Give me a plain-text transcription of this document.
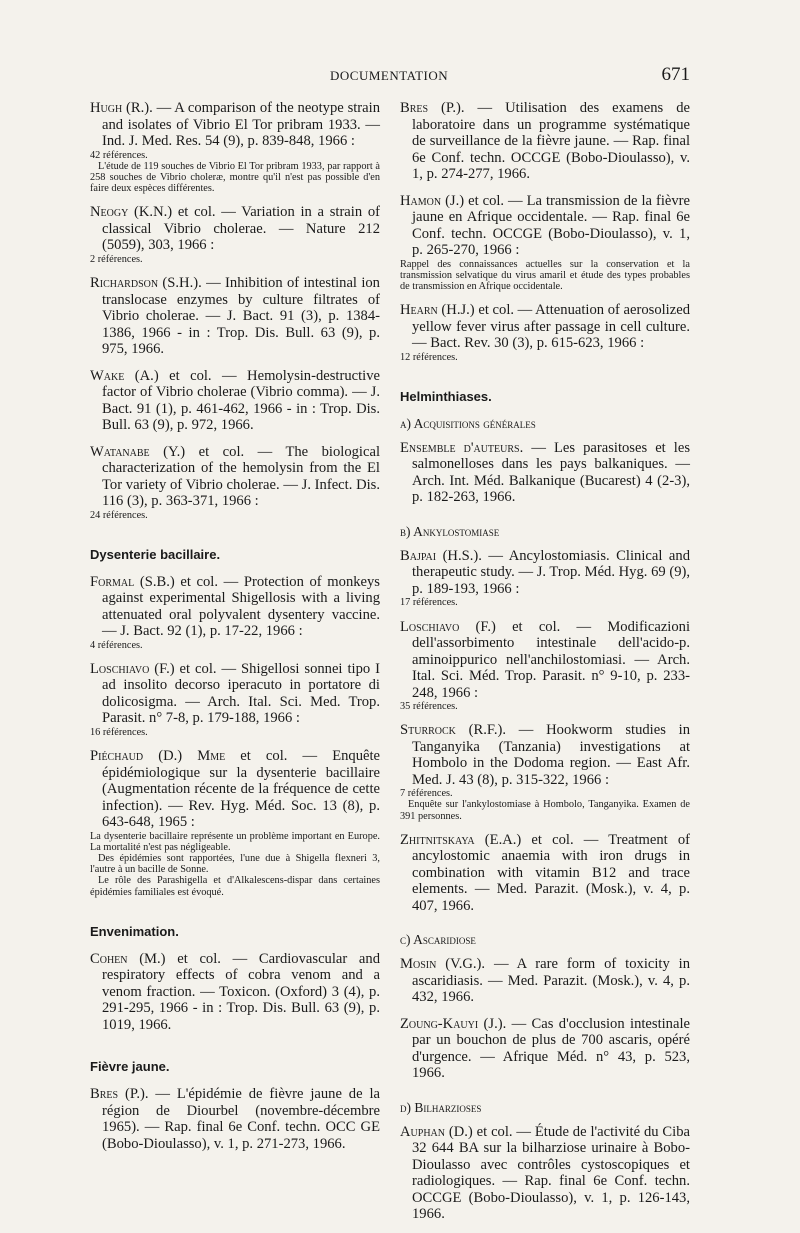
DOCUMENTATION	671

Hugh (R.). — A comparison of the neotype strain and isolates of Vibrio El Tor pribram 1933. — Ind. J. Med. Res. 54 (9), p. 839-848, 1966 :

42 références.

L'étude de 119 souches de Vibrio El Tor pribram 1933, par rapport à 258 souches de Vibrio choleræ, montre qu'il n'est pas possible d'en faire deux espèces différentes.

Neogy (K.N.) et col. — Variation in a strain of classical Vibrio cholerae. — Nature 212 (5059), 303, 1966 :

2 références.

Richardson (S.H.). — Inhibition of intestinal ion translocase enzymes by culture filtrates of Vibrio cholerae. — J. Bact. 91 (3), p. 1384-1386, 1966 - in : Trop. Dis. Bull. 63 (9), p. 975, 1966.

Wake (A.) et col. — Hemolysin-destructive factor of Vibrio cholerae (Vibrio comma). — J. Bact. 91 (1), p. 461-462, 1966 - in : Trop. Dis. Bull. 63 (9), p. 972, 1966.

Watanabe (Y.) et col. — The biological characterization of the hemolysin from the El Tor variety of Vibrio cholerae. — J. Infect. Dis. 116 (3), p. 363-371, 1966 :

24 références.

Dysenterie bacillaire.

Formal (S.B.) et col. — Protection of monkeys against experimental Shigellosis with a living attenuated oral polyvalent dysentery vaccine. — J. Bact. 92 (1), p. 17-22, 1966 :

4 références.

Loschiavo (F.) et col. — Shigellosi sonnei tipo I ad insolito decorso iperacuto in portatore di dolicosigma. — Arch. Ital. Sci. Med. Trop. Parasit. n° 7-8, p. 179-188, 1966 :

16 références.

Piéchaud (D.) Mme et col. — Enquête épidémiologique sur la dysenterie bacillaire (Augmentation récente de la fréquence de cette infection). — Rev. Hyg. Méd. Soc. 13 (8), p. 643-648, 1965 :

La dysenterie bacillaire représente un problème important en Europe. La mortalité n'est pas négligeable.

Des épidémies sont rapportées, l'une due à Shigella flexneri 3, l'autre à un bacille de Sonne.

Le rôle des Parashigella et d'Alkalescens-dispar dans certaines épidémies familiales est évoqué.

Envenimation.

Cohen (M.) et col. — Cardiovascular and respiratory effects of cobra venom and a venom fraction. — Toxicon. (Oxford) 3 (4), p. 291-295, 1966 - in : Trop. Dis. Bull. 63 (9), p. 1019, 1966.

Fièvre jaune.

Bres (P.). — L'épidémie de fièvre jaune de la région de Diourbel (novembre-décembre 1965). — Rap. final 6e Conf. techn. OCC GE (Bobo-Dioulasso), v. 1, p. 271-273, 1966.

Bres (P.). — Utilisation des examens de laboratoire dans un programme systématique de surveillance de la fièvre jaune. — Rap. final 6e Conf. techn. OCCGE (Bobo-Dioulasso), v. 1, p. 274-277, 1966.

Hamon (J.) et col. — La transmission de la fièvre jaune en Afrique occidentale. — Rap. final 6e Conf. techn. OCCGE (Bobo-Dioulasso), v. 1, p. 265-270, 1966 :

Rappel des connaissances actuelles sur la conservation et la transmission selvatique du virus amaril et étude des types probables de transmission en Afrique occidentale.

Hearn (H.J.) et col. — Attenuation of aerosolized yellow fever virus after passage in cell culture. — Bact. Rev. 30 (3), p. 615-623, 1966 :

12 références.

Helminthiases.
a) Acquisitions générales

Ensemble d'auteurs. — Les parasitoses et les salmonelloses dans les pays balkaniques. — Arch. Int. Méd. Balkanique (Bucarest) 4 (2-3), p. 182-263, 1966.

b) Ankylostomiase

Bajpai (H.S.). — Ancylostomiasis. Clinical and therapeutic study. — J. Trop. Méd. Hyg. 69 (9), p. 189-193, 1966 :

17 références.

Loschiavo (F.) et col. — Modificazioni dell'assorbimento intestinale dell'acido-p. aminoippurico nell'anchilostomiasi. — Arch. Ital. Sci. Méd. Trop. Parasit. n° 9-10, p. 233-248, 1966 :

35 références.

Sturrock (R.F.). — Hookworm studies in Tanganyika (Tanzania) investigations at Hombolo in the Dodoma region. — East Afr. Med. J. 43 (8), p. 315-322, 1966 :

7 références.

Enquête sur l'ankylostomiase à Hombolo, Tanganyika. Examen de 391 personnes.

Zhitnitskaya (E.A.) et col. — Treatment of ancylostomic anaemia with iron drugs in combination with vitamin B12 and trace elements. — Med. Parazit. (Mosk.), v. 4, p. 407, 1966.

c) Ascaridiose

Mosin (V.G.). — A rare form of toxicity in ascaridiasis. — Med. Parazit. (Mosk.), v. 4, p. 432, 1966.

Zoung-Kauyi (J.). — Cas d'occlusion intestinale par un bouchon de plus de 700 ascaris, opéré d'urgence. — Afrique Méd. n° 43, p. 523, 1966.

d) Bilharzioses

Auphan (D.) et col. — Étude de l'activité du Ciba 32 644 BA sur la bilharziose urinaire à Bobo-Dioulasso avec contrôles cystoscopiques et radiologiques. — Rap. final 6e Conf. techn. OCCGE (Bobo-Dioulasso), v. 1, p. 126-143, 1966.
